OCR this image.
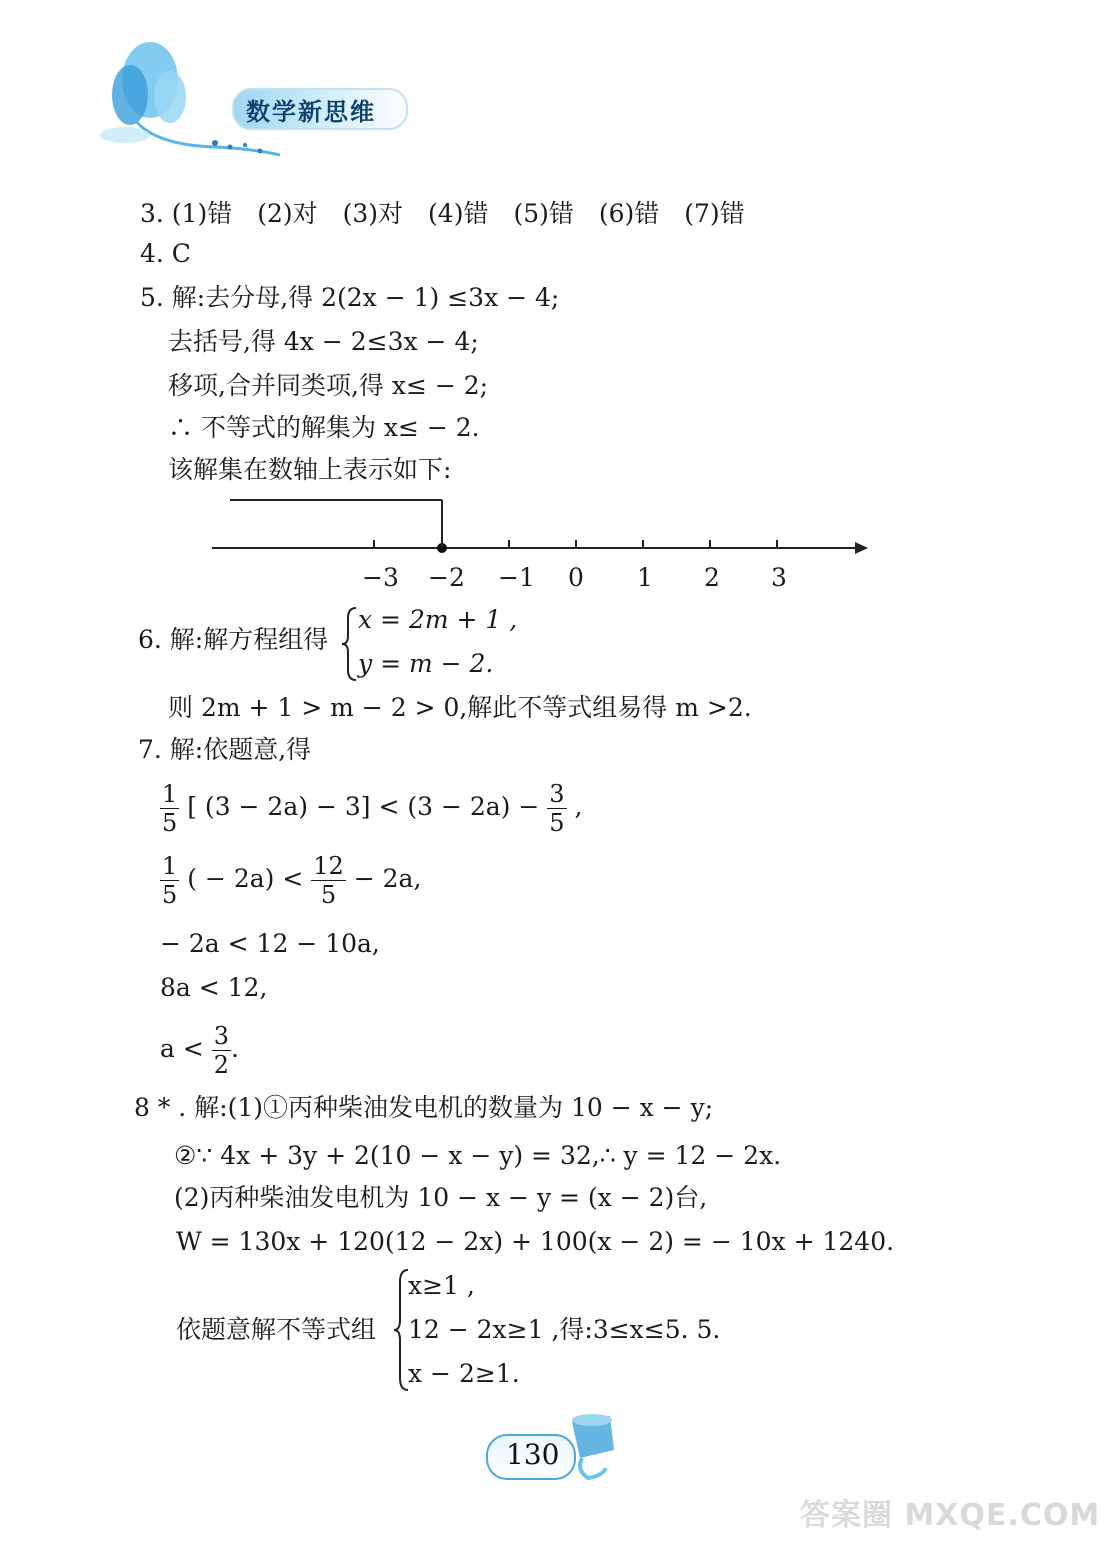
数学新思维
3. (1)错　(2)对　(3)对　(4)错　(5)错　(6)错　(7)错
4. C
5. 解:去分母,得 2(2x − 1) ≤3x − 4;
去括号,得 4x − 2≤3x − 4;
移项,合并同类项,得 x≤ − 2;
∴ 不等式的解集为 x≤ − 2.
该解集在数轴上表示如下:
−3 −2 −1 0 1 2 3
6. 解:解方程组得
x = 2m + 1 ,
y = m − 2.
则 2m + 1 > m − 2 > 0,解此不等式组易得 m >2.
7. 解:依题意,得
$\frac{1}{5}$ [ $(3 - 2a) - 3] < (3 - 2a) - \frac{3}{5}$ ,
$\frac{1}{5}$ ( − $2a) < \frac{12}{5} - 2a$,
− 2a < 12 − 10a,
8a < 12,
$a < \frac{3}{2}$ .
8 * . 解:(1)①丙种柴油发电机的数量为 10 − x − y;
②∵ 4x + 3y + 2(10 − x − y) = 32,∴ y = 12 − 2x.
(2)丙种柴油发电机为 10 − x − y = (x − 2)台,
W = 130x + 120(12 − 2x) + 100(x − 2) = − 10x + 1240.
依题意解不等式组
x≥1 ,
12 − 2x≥1 ,得:3≤x≤5. 5.
x − 2≥1.
130
答案圈 MXQE.COM
